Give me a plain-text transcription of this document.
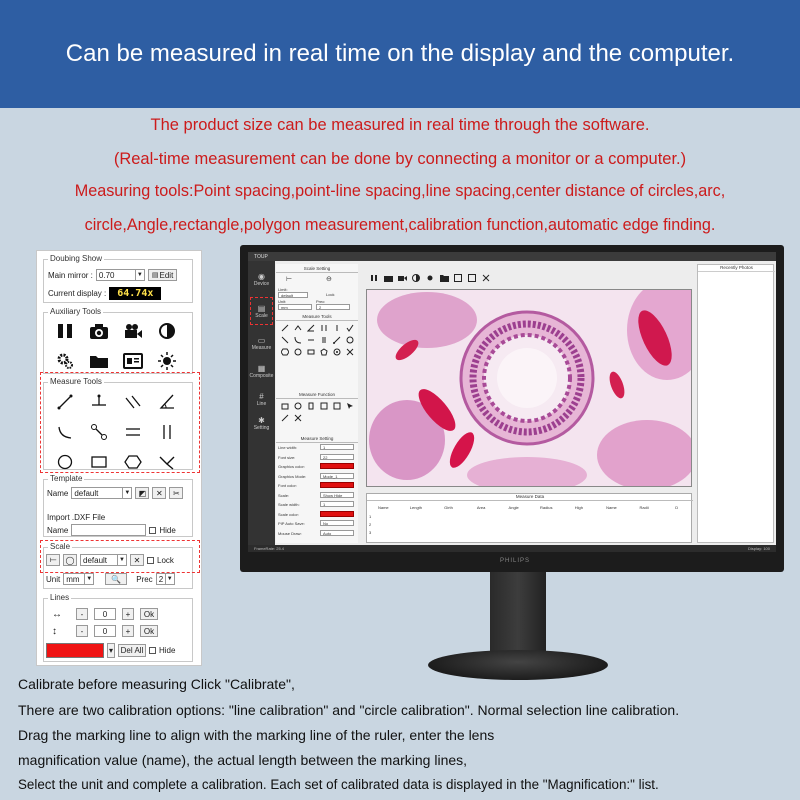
Can be measured in real time on the display and the computer.
The product size can be measured in real time through the software.
(Real-time measurement can be done by connecting a monitor or a computer.)
Measuring tools:Point spacing,point-line spacing,line spacing,center distance of circles,arc,
circle,Angle,rectangle,polygon measurement,calibration function,automatic edge finding.
Doubing Show
Main mirror : 0.70	▼ ▤ Edit
Current display :	64.74x
Auxiliary Tools
Measure Tools
Template
Name default	▼	◩	✕	✂
Import .DXF File
Name	Hide
Scale
⟝	◯	default	▼	✕	Lock
Unit mm	▼	🔍	Prec 2 ▼
Lines
↔	-	0	+	Ok
↕	-	0	+	Ok
▾ Del All	Hide
PHILIPS
TOUP
◉
Device
▤
Scale
▭
Measure
▦
Composite
#
Line
✱
Setting
Scale Setting
⊢	⊖
Limit:
default	Lock
Unit:	Prec:
mm	2
Measure Tools
Measure Function
Measure Setting
Line width:	1
Font size:	22
Graphics color:
Graphics Mode:	Mode_1
Font color:
Scale:	Show Hide
Scale width:	1
Scale color:
PIP Auto Save:	No
Mouse Draw:	Auto
Measure Data
Name	Length	Girth	Area	Angle	Radius	High	Name	Radii	D
1
2
3
Recently Photos
FrameRate: 25.4	Display: 100
Calibrate before measuring Click "Calibrate",
There are two calibration options: "line calibration" and "circle calibration". Normal selection line calibration.
Drag the marking line to align with the marking line of the ruler, enter the lens
magnification value (name), the actual length between the marking lines,
Select the unit and complete a calibration. Each set of calibrated data is displayed in the "Magnification:" list.
